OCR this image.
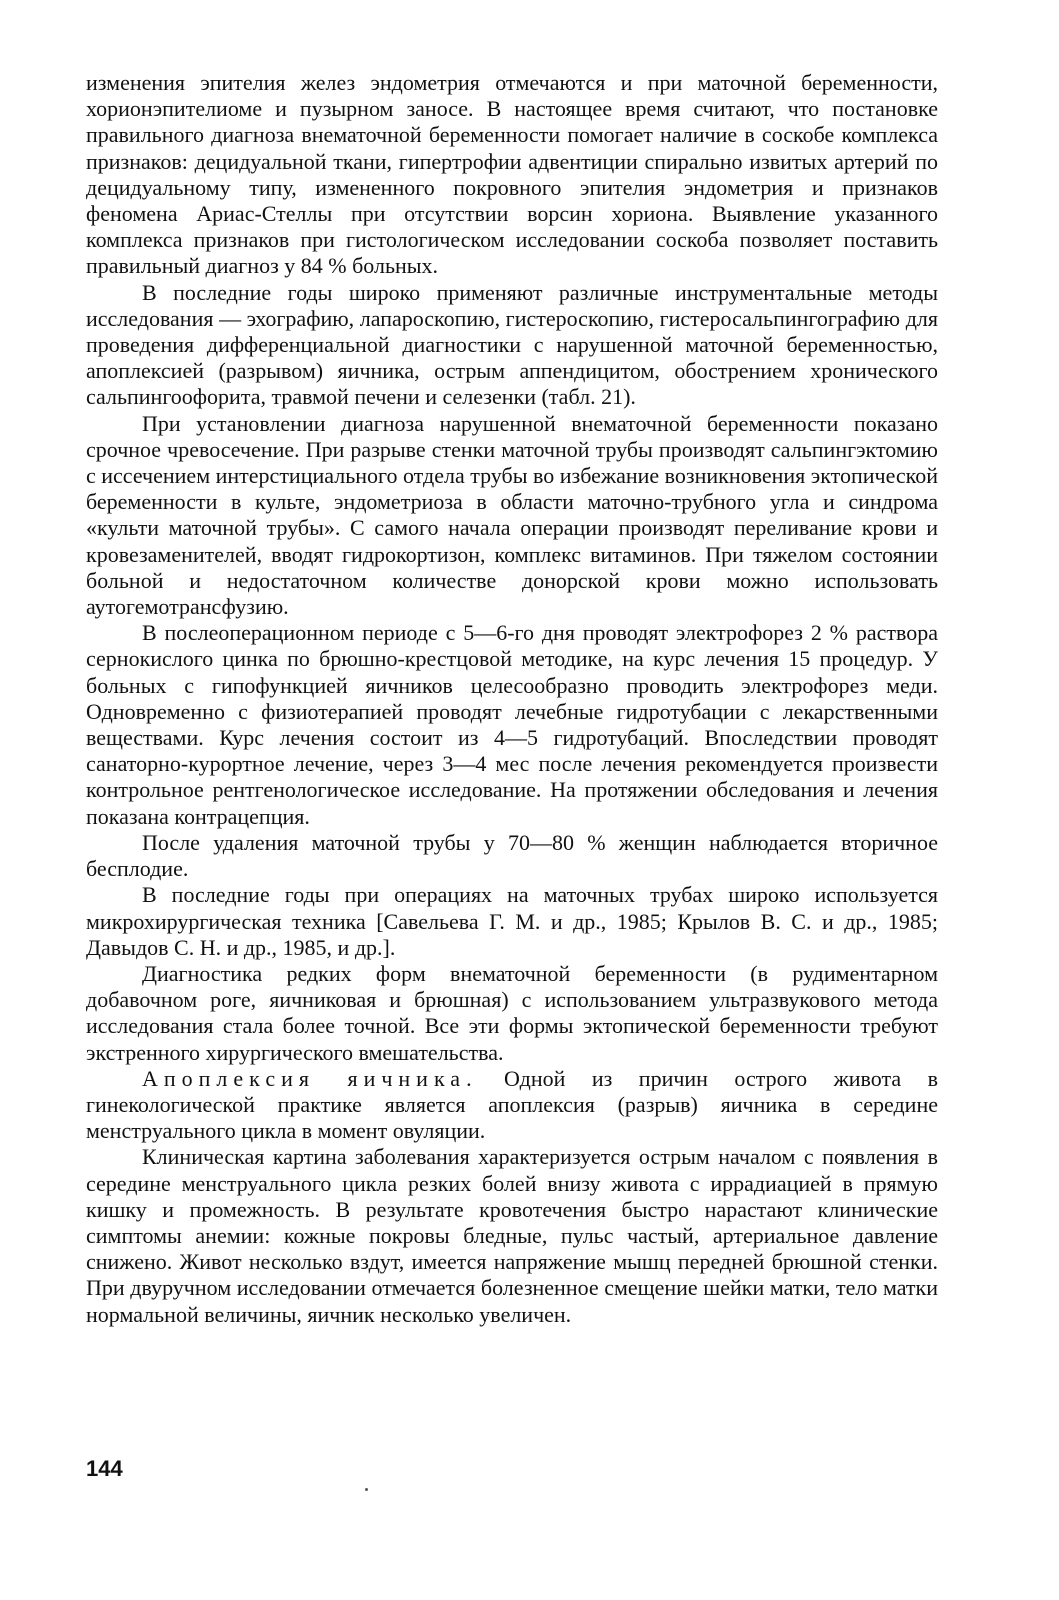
изменения эпителия желез эндометрия отмечаются и при маточной беременности, хорионэпителиоме и пузырном заносе. В настоящее время считают, что постановке правильного диагноза внематочной беременности помогает наличие в соскобе комплекса признаков: децидуальной ткани, гипертрофии адвентиции спирально извитых артерий по децидуальному типу, измененного покровного эпителия эндометрия и признаков феномена Ариас-Стеллы при отсутствии ворсин хориона. Выявление указанного комплекса признаков при гистологическом исследовании соскоба позволяет поставить правильный диагноз у 84 % больных.

В последние годы широко применяют различные инструментальные методы исследования — эхографию, лапароскопию, гистероскопию, гистеросальпингографию для проведения дифференциальной диагностики с нарушенной маточной беременностью, апоплексией (разрывом) яичника, острым аппендицитом, обострением хронического сальпингоофорита, травмой печени и селезенки (табл. 21).

При установлении диагноза нарушенной внематочной беременности показано срочное чревосечение. При разрыве стенки маточной трубы производят сальпингэктомию с иссечением интерстициального отдела трубы во избежание возникновения эктопической беременности в культе, эндометриоза в области маточно-трубного угла и синдрома «культи маточной трубы». С самого начала операции производят переливание крови и кровезаменителей, вводят гидрокортизон, комплекс витаминов. При тяжелом состоянии больной и недостаточном количестве донорской крови можно использовать аутогемотрансфузию.

В послеоперационном периоде с 5—6-го дня проводят электрофорез 2 % раствора сернокислого цинка по брюшно-крестцовой методике, на курс лечения 15 процедур. У больных с гипофункцией яичников целесообразно проводить электрофорез меди. Одновременно с физиотерапией проводят лечебные гидротубации с лекарственными веществами. Курс лечения состоит из 4—5 гидротубаций. Впоследствии проводят санаторно-курортное лечение, через 3—4 мес после лечения рекомендуется произвести контрольное рентгенологическое исследование. На протяжении обследования и лечения показана контрацепция.

После удаления маточной трубы у 70—80 % женщин наблюдается вторичное бесплодие.

В последние годы при операциях на маточных трубах широко используется микрохирургическая техника [Савельева Г. М. и др., 1985; Крылов В. С. и др., 1985; Давыдов С. Н. и др., 1985, и др.].

Диагностика редких форм внематочной беременности (в рудиментарном добавочном роге, яичниковая и брюшная) с использованием ультразвукового метода исследования стала более точной. Все эти формы эктопической беременности требуют экстренного хирургического вмешательства.

Апоплексия яичника. Одной из причин острого живота в гинекологической практике является апоплексия (разрыв) яичника в середине менструального цикла в момент овуляции.

Клиническая картина заболевания характеризуется острым началом с появления в середине менструального цикла резких болей внизу живота с иррадиацией в прямую кишку и промежность. В результате кровотечения быстро нарастают клинические симптомы анемии: кожные покровы бледные, пульс частый, артериальное давление снижено. Живот несколько вздут, имеется напряжение мышц передней брюшной стенки. При двуручном исследовании отмечается болезненное смещение шейки матки, тело матки нормальной величины, яичник несколько увеличен.

144
